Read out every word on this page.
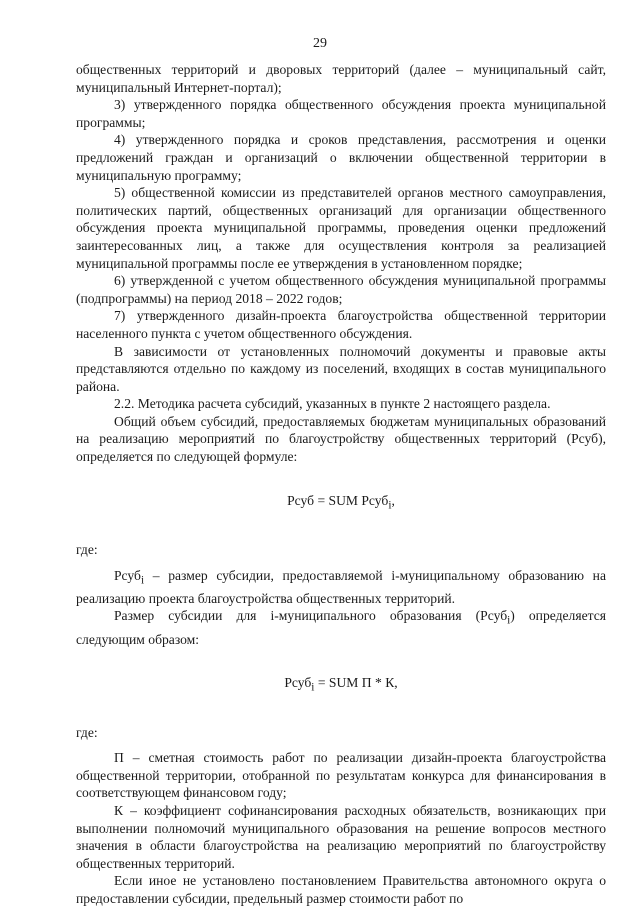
29

общественных территорий и дворовых территорий (далее – муниципальный сайт, муниципальный Интернет-портал);

3) утвержденного порядка общественного обсуждения проекта муниципальной программы;

4) утвержденного порядка и сроков представления, рассмотрения и оценки предложений граждан и организаций о включении общественной территории в муниципальную программу;

5) общественной комиссии из представителей органов местного самоуправления, политических партий, общественных организаций для организации общественного обсуждения проекта муниципальной программы, проведения оценки предложений заинтересованных лиц, а также для осуществления контроля за реализацией муниципальной программы после ее утверждения в установленном порядке;

6) утвержденной с учетом общественного обсуждения муниципальной программы (подпрограммы) на период 2018 – 2022 годов;

7) утвержденного дизайн-проекта благоустройства общественной территории населенного пункта с учетом общественного обсуждения.

В зависимости от установленных полномочий документы и правовые акты представляются отдельно по каждому из поселений, входящих в состав муниципального района.

2.2. Методика расчета субсидий, указанных в пункте 2 настоящего раздела.

Общий объем субсидий, предоставляемых бюджетам муниципальных образований на реализацию мероприятий по благоустройству общественных территорий (Рсуб), определяется по следующей формуле:

Рсуб = SUM Рсуб$_i$,

где:

Рсуб$_i$ – размер субсидии, предоставляемой i-муниципальному образованию на реализацию проекта благоустройства общественных территорий.

Размер субсидии для i-муниципального образования (Рсуб$_i$) определяется следующим образом:

Рсуб$_i$ = SUM П * К,

где:

П – сметная стоимость работ по реализации дизайн-проекта благоустройства общественной территории, отобранной по результатам конкурса для финансирования в соответствующем финансовом году;

К – коэффициент софинансирования расходных обязательств, возникающих при выполнении полномочий муниципального образования на решение вопросов местного значения в области благоустройства на реализацию мероприятий по благоустройству общественных территорий.

Если иное не установлено постановлением Правительства автономного округа о предоставлении субсидии, предельный размер стоимости работ по
